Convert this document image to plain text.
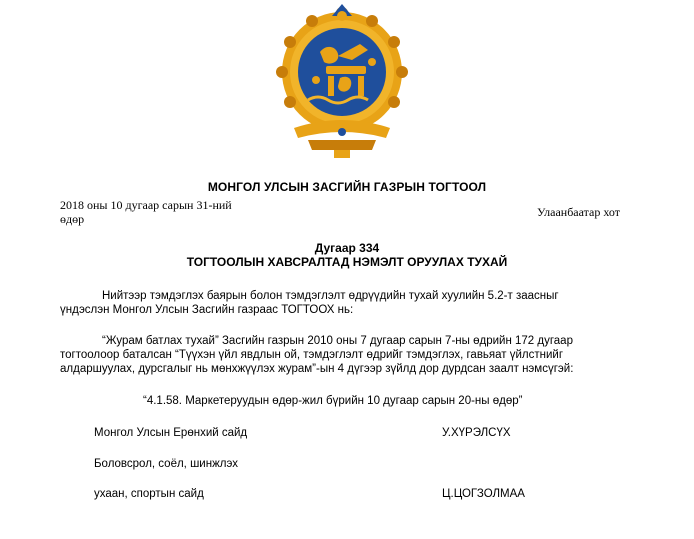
МОНГОЛ УЛСЫН ЗАСГИЙН ГАЗРЫН ТОГТООЛ
2018 оны 10 дугаар сарын 31-ний
өдөр	Улаанбаатар хот
Дугаар 334
ТОГТООЛЫН ХАВСРАЛТАД НЭМЭЛТ ОРУУЛАХ ТУХАЙ
Нийтээр тэмдэглэх баярын болон тэмдэглэлт өдрүүдийн тухай хуулийн 5.2-т заасныг
үндэслэн Монгол Улсын Засгийн газраас ТОГТООХ нь:
“Журам батлах тухай” Засгийн газрын 2010 оны 7 дугаар сарын 7-ны өдрийн 172 дугаар
тогтоолоор баталсан “Түүхэн үйл явдлын ой, тэмдэглэлт өдрийг тэмдэглэх, гавьяат үйлстнийг
алдаршуулах, дурсгалыг нь мөнхжүүлэх журам”-ын 4 дүгээр зүйлд дор дурдсан заалт нэмсүгэй:
“4.1.58. Маркетеруудын өдөр-жил бүрийн 10 дугаар сарын 20-ны өдөр”
Монгол Улсын Ерөнхий сайд	У.ХҮРЭЛСҮХ
Боловсрол, соёл, шинжлэх
ухаан, спортын сайд	Ц.ЦОГЗОЛМАА
